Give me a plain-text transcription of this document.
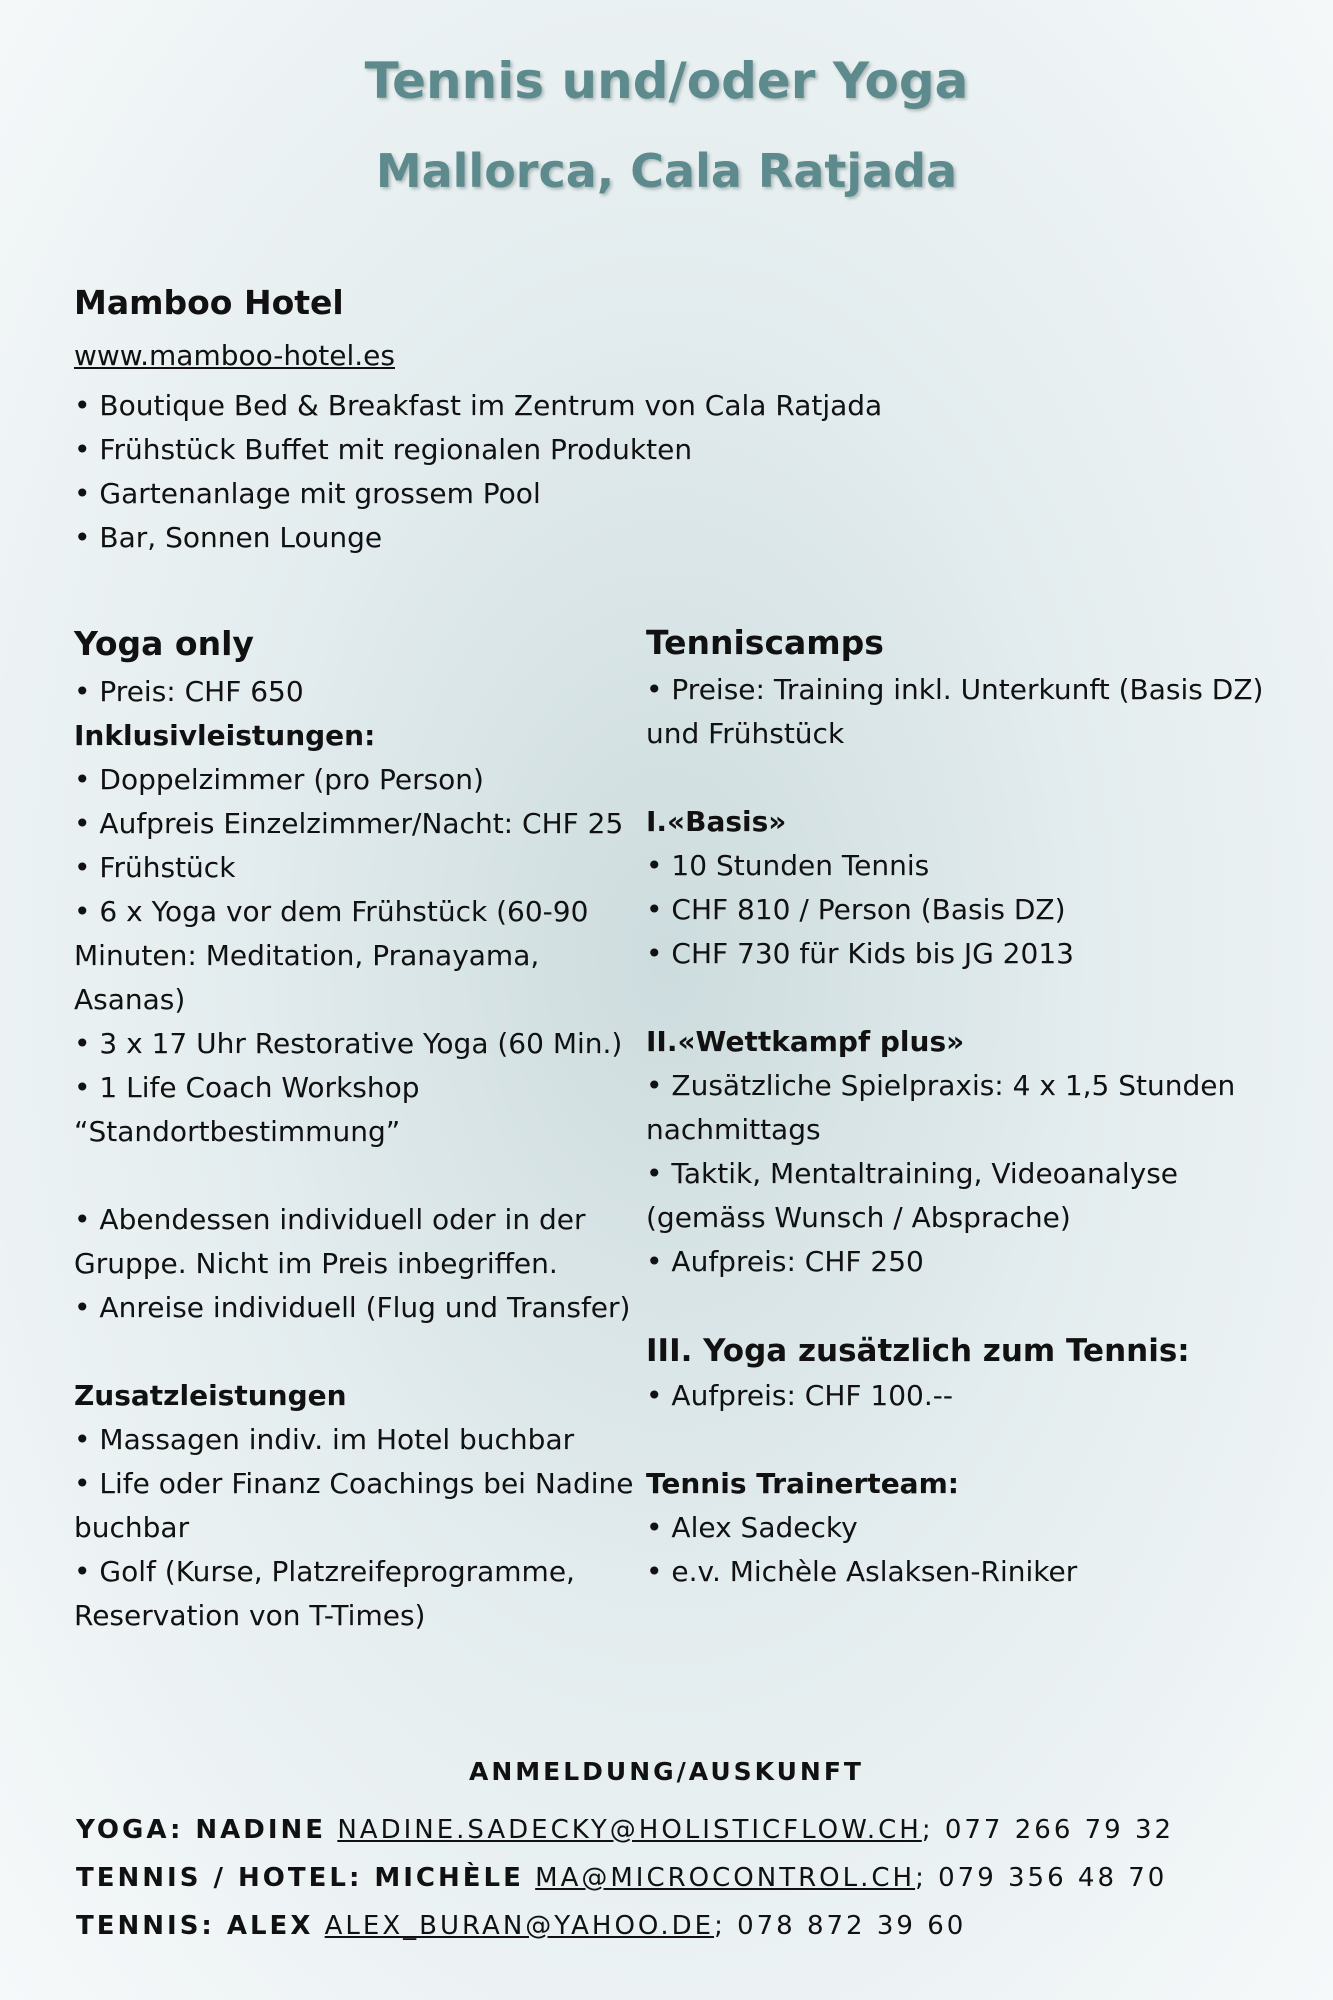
Tennis und/oder Yoga
Mallorca, Cala Ratjada
Mamboo Hotel
www.mamboo-hotel.es

• Boutique Bed & Breakfast im Zentrum von Cala Ratjada

• Frühstück Buffet mit regionalen Produkten

• Gartenanlage mit grossem Pool

• Bar, Sonnen Lounge

Yoga only

• Preis: CHF 650

Inklusivleistungen:

• Doppelzimmer (pro Person)

• Aufpreis Einzelzimmer/Nacht: CHF 25

• Frühstück

• 6 x Yoga vor dem Frühstück (60-90 Minuten: Meditation, Pranayama, Asanas)

• 3 x 17 Uhr Restorative Yoga (60 Min.)

• 1 Life Coach Workshop “Standortbestimmung”

• Abendessen individuell oder in der Gruppe. Nicht im Preis inbegriffen.

• Anreise individuell (Flug und Transfer)

Zusatzleistungen

• Massagen indiv. im Hotel buchbar

• Life oder Finanz Coachings bei Nadine buchbar

• Golf (Kurse, Platzreifeprogramme, Reservation von T-Times)

Tenniscamps

• Preise: Training inkl. Unterkunft (Basis DZ) und Frühstück

I.«Basis»

• 10 Stunden Tennis

• CHF 810 / Person (Basis DZ)

• CHF 730 für Kids bis JG 2013

II.«Wettkampf plus»

• Zusätzliche Spielpraxis: 4 x 1,5 Stunden nachmittags

• Taktik, Mentaltraining, Videoanalyse (gemäss Wunsch / Absprache)

• Aufpreis: CHF 250

III. Yoga zusätzlich zum Tennis:

• Aufpreis: CHF 100.--

Tennis Trainerteam:

• Alex Sadecky

• e.v. Michèle Aslaksen-Riniker

ANMELDUNG/AUSKUNFT
YOGA: NADINE NADINE.SADECKY@HOLISTICFLOW.CH; 077 266 79 32
TENNIS / HOTEL: MICHÈLE MA@MICROCONTROL.CH; 079 356 48 70
TENNIS: ALEX ALEX_BURAN@YAHOO.DE; 078 872 39 60
